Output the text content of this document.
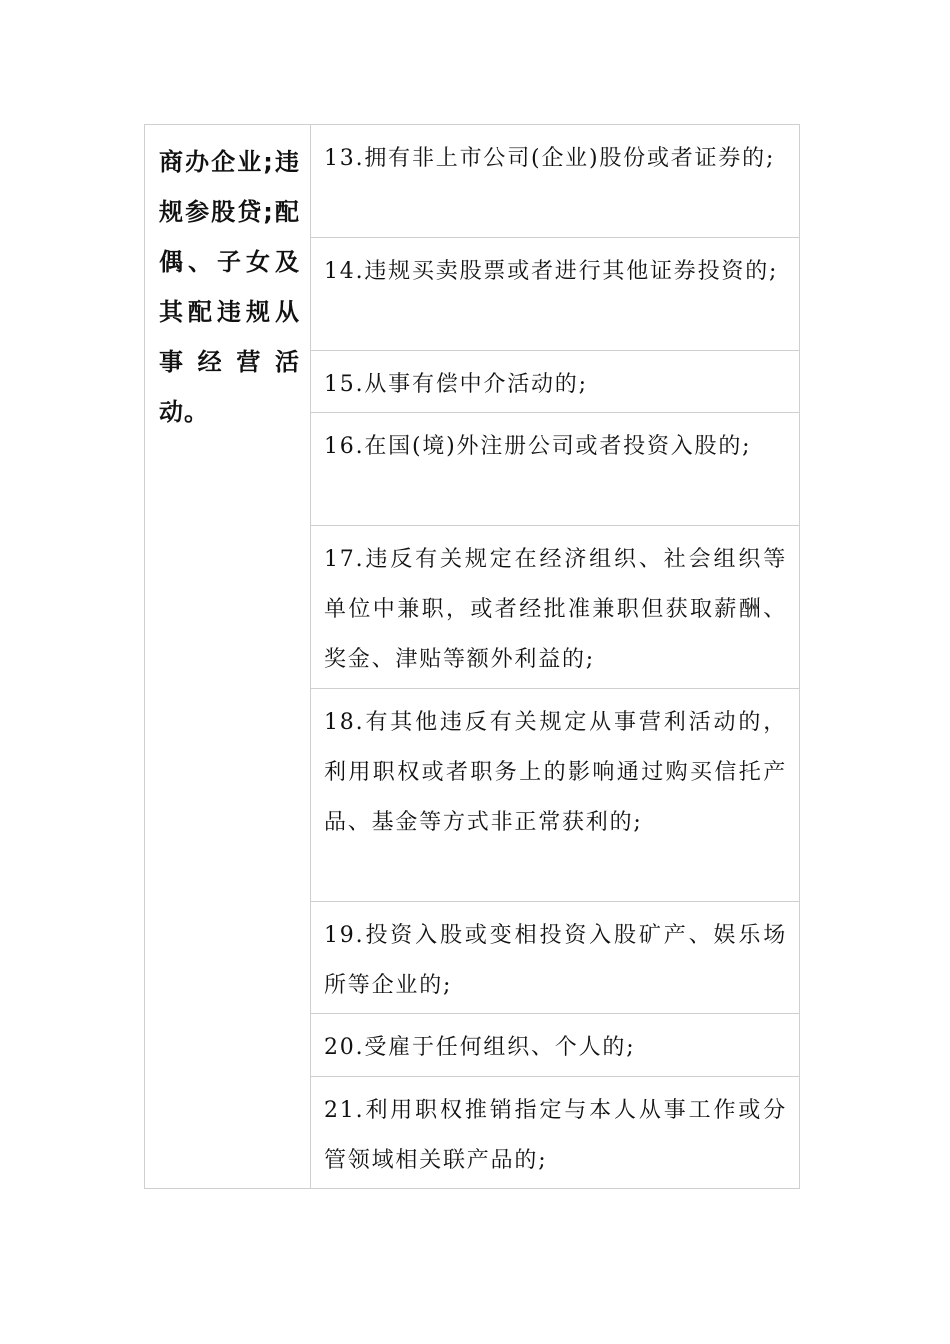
商办企业;违规参股贷;配偶、子女及其配违规从事经营活动。
13.拥有非上市公司(企业)股份或者证券的;
14.违规买卖股票或者进行其他证券投资的;
15.从事有偿中介活动的;
16.在国(境)外注册公司或者投资入股的;
17.违反有关规定在经济组织、社会组织等单位中兼职，或者经批准兼职但获取薪酬、奖金、津贴等额外利益的;
18.有其他违反有关规定从事营利活动的，利用职权或者职务上的影响通过购买信托产品、基金等方式非正常获利的;
19.投资入股或变相投资入股矿产、娱乐场所等企业的;
20.受雇于任何组织、个人的;
21.利用职权推销指定与本人从事工作或分管领域相关联产品的;
